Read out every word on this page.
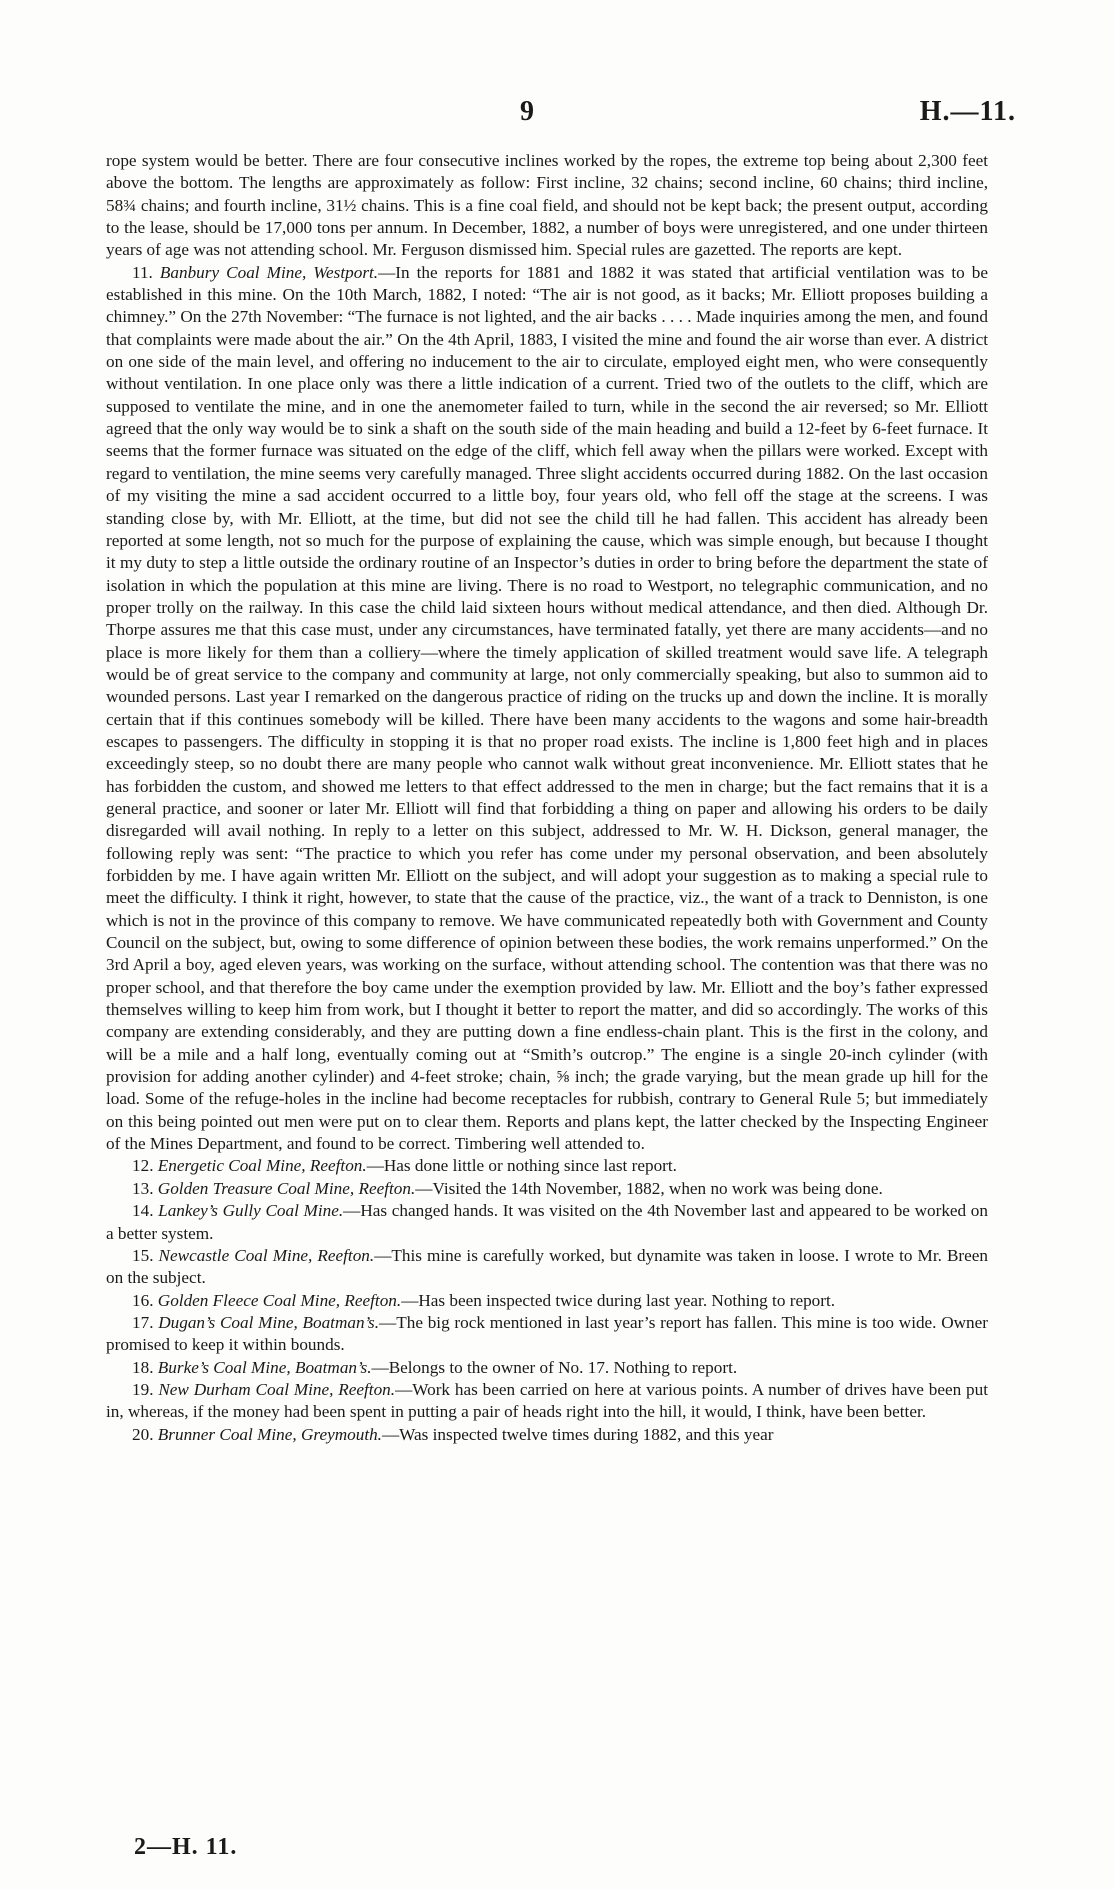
9	H.—11.

rope system would be better. There are four consecutive inclines worked by the ropes, the extreme top being about 2,300 feet above the bottom. The lengths are approximately as follow: First incline, 32 chains; second incline, 60 chains; third incline, 58¾ chains; and fourth incline, 31½ chains. This is a fine coal field, and should not be kept back; the present output, according to the lease, should be 17,000 tons per annum. In December, 1882, a number of boys were unregistered, and one under thirteen years of age was not attending school. Mr. Ferguson dismissed him. Special rules are gazetted. The reports are kept.

11. Banbury Coal Mine, Westport.—In the reports for 1881 and 1882 it was stated that artificial ventilation was to be established in this mine. On the 10th March, 1882, I noted: “The air is not good, as it backs; Mr. Elliott proposes building a chimney.” On the 27th November: “The furnace is not lighted, and the air backs . . . . Made inquiries among the men, and found that complaints were made about the air.” On the 4th April, 1883, I visited the mine and found the air worse than ever. A district on one side of the main level, and offering no inducement to the air to circulate, employed eight men, who were consequently without ventilation. In one place only was there a little indication of a current. Tried two of the outlets to the cliff, which are supposed to ventilate the mine, and in one the anemometer failed to turn, while in the second the air reversed; so Mr. Elliott agreed that the only way would be to sink a shaft on the south side of the main heading and build a 12-feet by 6-feet furnace. It seems that the former furnace was situated on the edge of the cliff, which fell away when the pillars were worked. Except with regard to ventilation, the mine seems very carefully managed. Three slight accidents occurred during 1882. On the last occasion of my visiting the mine a sad accident occurred to a little boy, four years old, who fell off the stage at the screens. I was standing close by, with Mr. Elliott, at the time, but did not see the child till he had fallen. This accident has already been reported at some length, not so much for the purpose of explaining the cause, which was simple enough, but because I thought it my duty to step a little outside the ordinary routine of an Inspector’s duties in order to bring before the department the state of isolation in which the population at this mine are living. There is no road to Westport, no telegraphic communication, and no proper trolly on the railway. In this case the child laid sixteen hours without medical attendance, and then died. Although Dr. Thorpe assures me that this case must, under any circumstances, have terminated fatally, yet there are many accidents—and no place is more likely for them than a colliery—where the timely application of skilled treatment would save life. A telegraph would be of great service to the company and community at large, not only commercially speaking, but also to summon aid to wounded persons. Last year I remarked on the dangerous practice of riding on the trucks up and down the incline. It is morally certain that if this continues somebody will be killed. There have been many accidents to the wagons and some hair-breadth escapes to passengers. The difficulty in stopping it is that no proper road exists. The incline is 1,800 feet high and in places exceedingly steep, so no doubt there are many people who cannot walk without great inconvenience. Mr. Elliott states that he has forbidden the custom, and showed me letters to that effect addressed to the men in charge; but the fact remains that it is a general practice, and sooner or later Mr. Elliott will find that forbidding a thing on paper and allowing his orders to be daily disregarded will avail nothing. In reply to a letter on this subject, addressed to Mr. W. H. Dickson, general manager, the following reply was sent: “The practice to which you refer has come under my personal observation, and been absolutely forbidden by me. I have again written Mr. Elliott on the subject, and will adopt your suggestion as to making a special rule to meet the difficulty. I think it right, however, to state that the cause of the practice, viz., the want of a track to Denniston, is one which is not in the province of this company to remove. We have communicated repeatedly both with Government and County Council on the subject, but, owing to some difference of opinion between these bodies, the work remains unperformed.” On the 3rd April a boy, aged eleven years, was working on the surface, without attending school. The contention was that there was no proper school, and that therefore the boy came under the exemption provided by law. Mr. Elliott and the boy’s father expressed themselves willing to keep him from work, but I thought it better to report the matter, and did so accordingly. The works of this company are extending considerably, and they are putting down a fine endless-chain plant. This is the first in the colony, and will be a mile and a half long, eventually coming out at “Smith’s outcrop.” The engine is a single 20-inch cylinder (with provision for adding another cylinder) and 4-feet stroke; chain, ⅝ inch; the grade varying, but the mean grade up hill for the load. Some of the refuge-holes in the incline had become receptacles for rubbish, contrary to General Rule 5; but immediately on this being pointed out men were put on to clear them. Reports and plans kept, the latter checked by the Inspecting Engineer of the Mines Department, and found to be correct. Timbering well attended to.

12. Energetic Coal Mine, Reefton.—Has done little or nothing since last report.

13. Golden Treasure Coal Mine, Reefton.—Visited the 14th November, 1882, when no work was being done.

14. Lankey’s Gully Coal Mine.—Has changed hands. It was visited on the 4th November last and appeared to be worked on a better system.

15. Newcastle Coal Mine, Reefton.—This mine is carefully worked, but dynamite was taken in loose. I wrote to Mr. Breen on the subject.

16. Golden Fleece Coal Mine, Reefton.—Has been inspected twice during last year. Nothing to report.

17. Dugan’s Coal Mine, Boatman’s.—The big rock mentioned in last year’s report has fallen. This mine is too wide. Owner promised to keep it within bounds.

18. Burke’s Coal Mine, Boatman’s.—Belongs to the owner of No. 17. Nothing to report.

19. New Durham Coal Mine, Reefton.—Work has been carried on here at various points. A number of drives have been put in, whereas, if the money had been spent in putting a pair of heads right into the hill, it would, I think, have been better.

20. Brunner Coal Mine, Greymouth.—Was inspected twelve times during 1882, and this year

2—H. 11.
